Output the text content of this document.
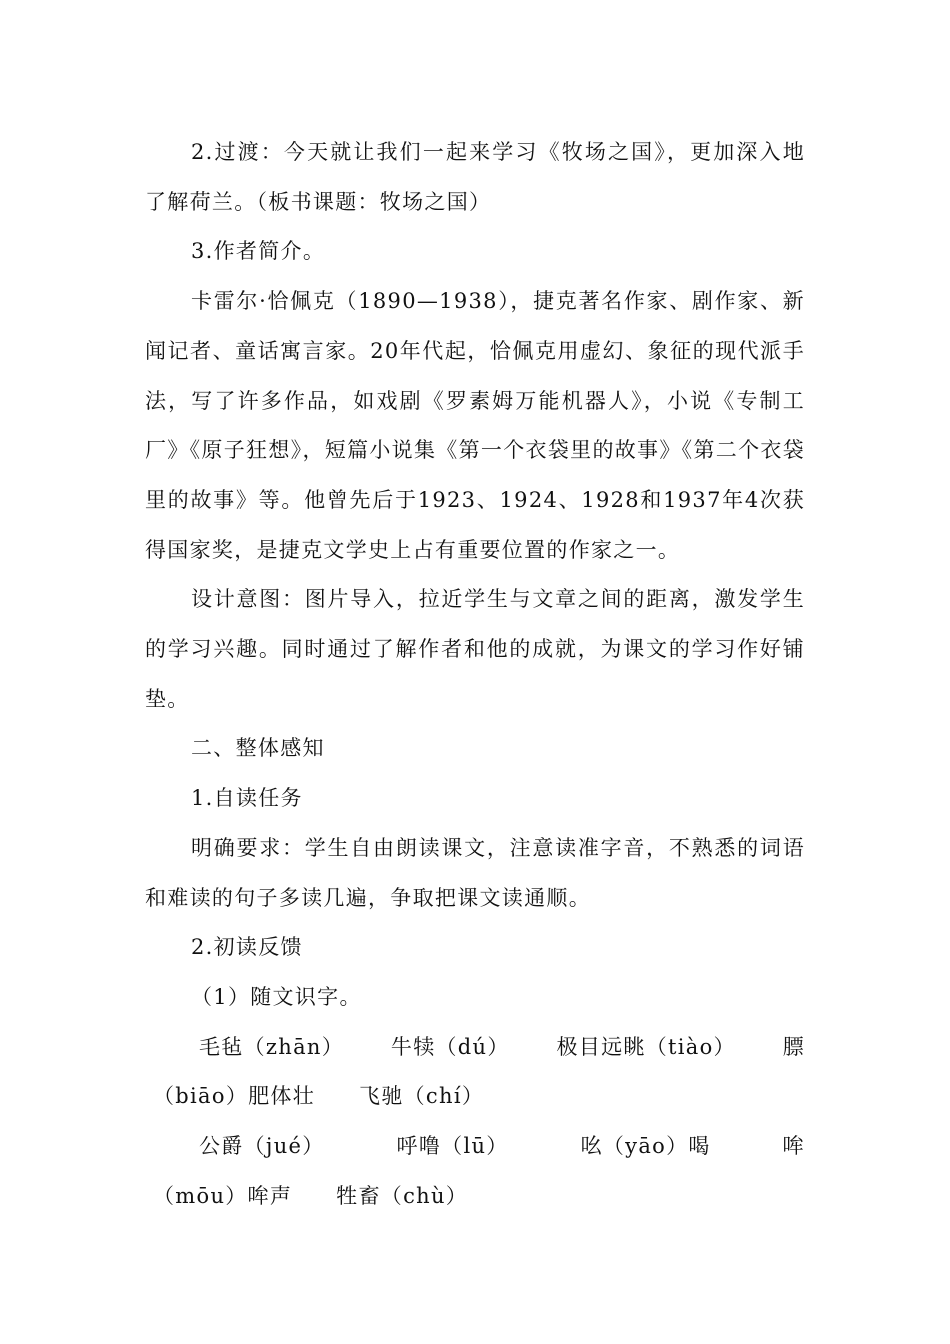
2.过渡：今天就让我们一起来学习《牧场之国》，更加深入地了解荷兰。（板书课题：牧场之国）

3.作者简介。

卡雷尔·恰佩克（1890—1938），捷克著名作家、剧作家、新闻记者、童话寓言家。20年代起，恰佩克用虚幻、象征的现代派手法，写了许多作品，如戏剧《罗素姆万能机器人》，小说《专制工厂》《原子狂想》，短篇小说集《第一个衣袋里的故事》《第二个衣袋里的故事》等。他曾先后于1923、1924、1928和1937年4次获得国家奖，是捷克文学史上占有重要位置的作家之一。

设计意图：图片导入，拉近学生与文章之间的距离，激发学生的学习兴趣。同时通过了解作者和他的成就，为课文的学习作好铺垫。

二、整体感知

1.自读任务

明确要求：学生自由朗读课文，注意读准字音，不熟悉的词语和难读的句子多读几遍，争取把课文读通顺。

2.初读反馈

（1）随文识字。

毛毡（zhān） 牛犊（dú） 极目远眺（tiào） 膘
（biāo）肥体壮 飞驰（chí）
公爵（jué）	呼噜（lū）	吆（yāo）喝	哞
（mōu）哞声 牲畜（chù）
